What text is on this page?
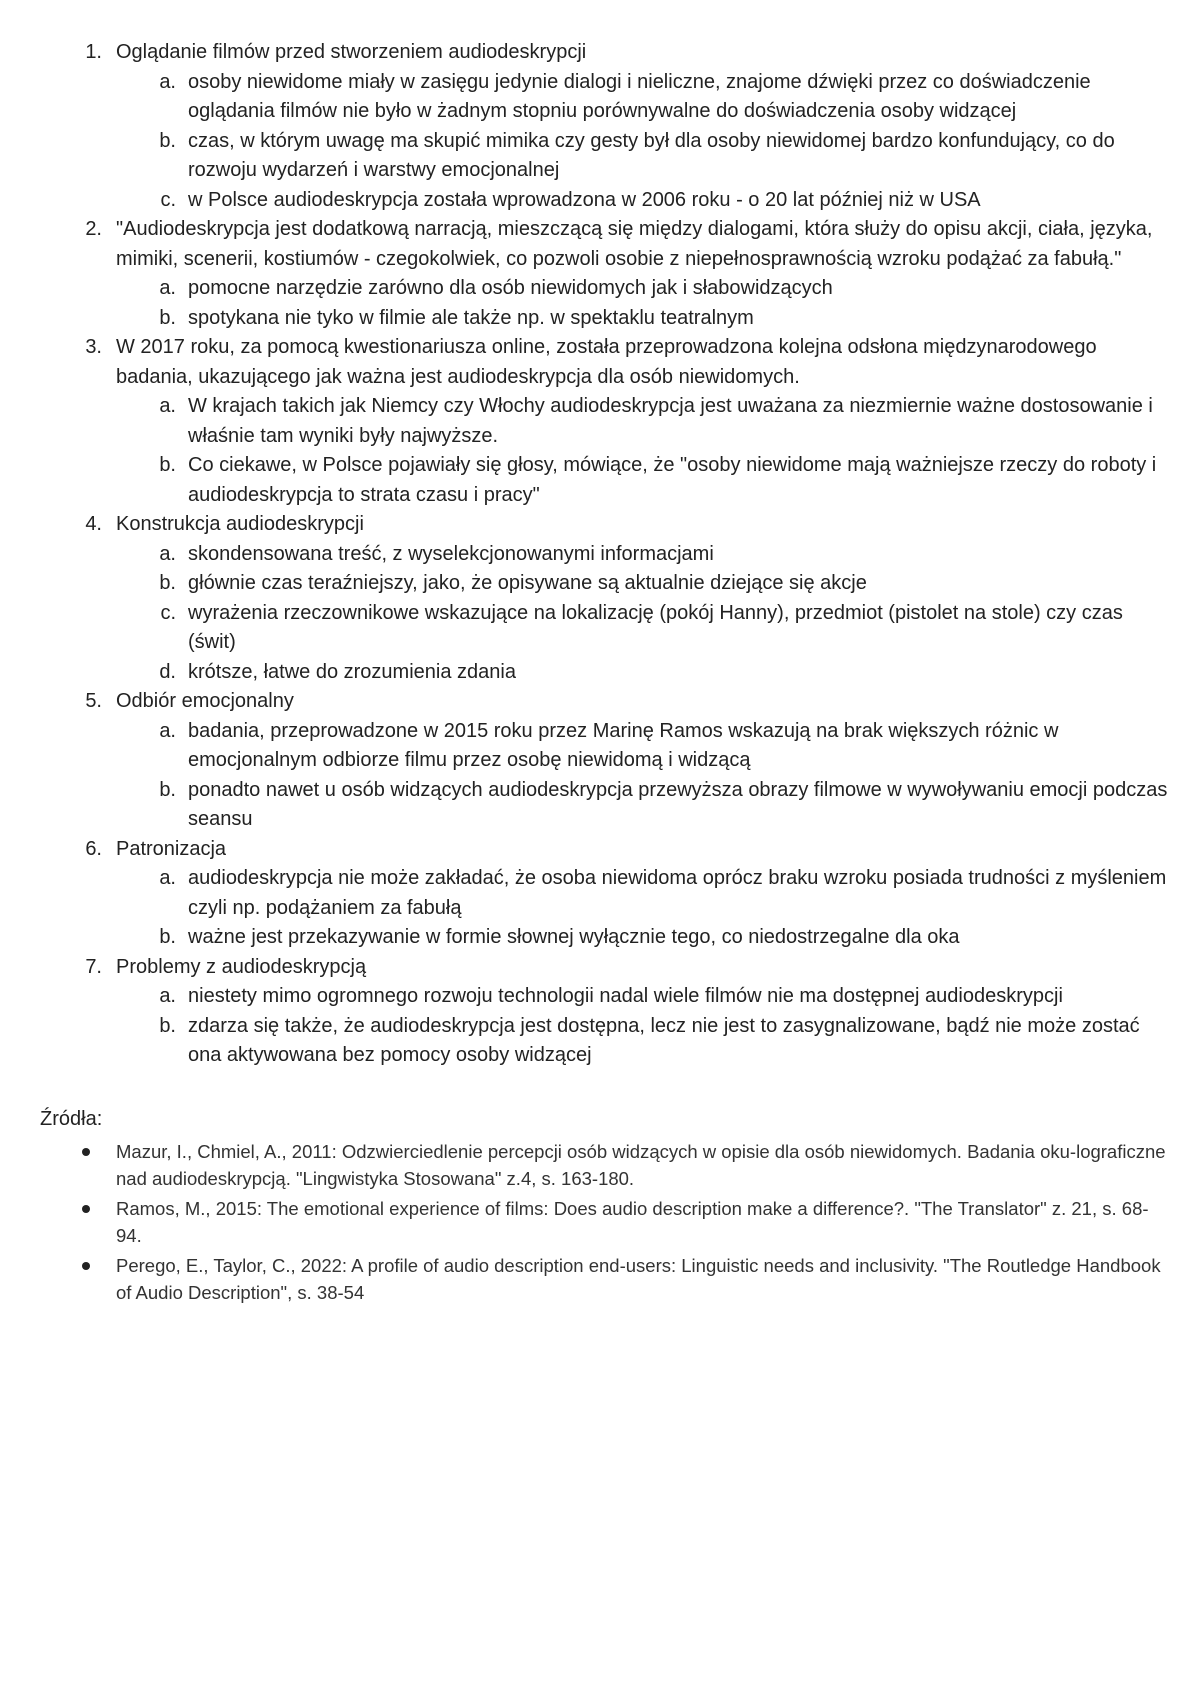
1. Oglądanie filmów przed stworzeniem audiodeskrypcji
a. osoby niewidome miały w zasięgu jedynie dialogi i nieliczne, znajome dźwięki przez co doświadczenie oglądania filmów nie było w żadnym stopniu porównywalne do doświadczenia osoby widzącej
b. czas, w którym uwagę ma skupić mimika czy gesty był dla osoby niewidomej bardzo konfundujący, co do rozwoju wydarzeń i warstwy emocjonalnej
c. w Polsce audiodeskrypcja została wprowadzona w 2006 roku - o 20 lat później niż w USA
2. "Audiodeskrypcja jest dodatkową narracją, mieszczącą się między dialogami, która służy do opisu akcji, ciała, języka, mimiki, scenerii, kostiumów - czegokolwiek, co pozwoli osobie z niepełnosprawnością wzroku podążać za fabułą."
a. pomocne narzędzie zarówno dla osób niewidomych jak i słabowidzących
b. spotykana nie tyko w filmie ale także np. w spektaklu teatralnym
3. W 2017 roku, za pomocą kwestionariusza online, została przeprowadzona kolejna odsłona międzynarodowego badania, ukazującego jak ważna jest audiodeskrypcja dla osób niewidomych.
a. W krajach takich jak Niemcy czy Włochy audiodeskrypcja jest uważana za niezmiernie ważne dostosowanie i właśnie tam wyniki były najwyższe.
b. Co ciekawe, w Polsce pojawiały się głosy, mówiące, że "osoby niewidome mają ważniejsze rzeczy do roboty i audiodeskrypcja to strata czasu i pracy"
4. Konstrukcja audiodeskrypcji
a. skondensowana treść, z wyselekcjonowanymi informacjami
b. głównie czas teraźniejszy, jako, że opisywane są aktualnie dziejące się akcje
c. wyrażenia rzeczownikowe wskazujące na lokalizację (pokój Hanny), przedmiot (pistolet na stole) czy czas (świt)
d. krótsze, łatwe do zrozumienia zdania
5. Odbiór emocjonalny
a. badania, przeprowadzone w 2015 roku przez Marinę Ramos wskazują na brak większych różnic w emocjonalnym odbiorze filmu przez osobę niewidomą i widzącą
b. ponadto nawet u osób widzących audiodeskrypcja przewyższa obrazy filmowe w wywoływaniu emocji podczas seansu
6. Patronizacja
a. audiodeskrypcja nie może zakładać, że osoba niewidoma oprócz braku wzroku posiada trudności z myśleniem czyli np. podążaniem za fabułą
b. ważne jest przekazywanie w formie słownej wyłącznie tego, co niedostrzegalne dla oka
7. Problemy z audiodeskrypcją
a. niestety mimo ogromnego rozwoju technologii nadal wiele filmów nie ma dostępnej audiodeskrypcji
b. zdarza się także, że audiodeskrypcja jest dostępna, lecz nie jest to zasygnalizowane, bądź nie może zostać ona aktywowana bez pomocy osoby widzącej
Źródła:
Mazur, I., Chmiel, A., 2011: Odzwierciedlenie percepcji osób widzących w opisie dla osób niewidomych. Badania oku-lograficzne nad audiodeskrypcją. "Lingwistyka Stosowana" z.4, s. 163-180.
Ramos, M., 2015: The emotional experience of films: Does audio description make a difference?. "The Translator" z. 21, s. 68-94.
Perego, E., Taylor, C., 2022: A profile of audio description end-users: Linguistic needs and inclusivity. "The Routledge Handbook of Audio Description", s. 38-54
